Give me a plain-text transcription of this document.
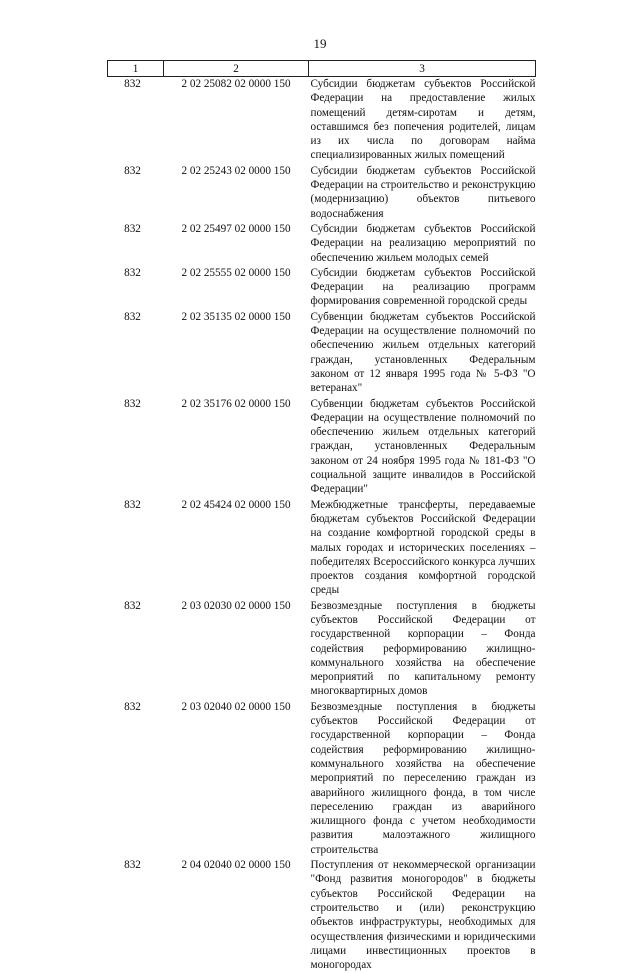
19
1	2	3
832	2 02 25082 02 0000 150	Субсидии бюджетам субъектов Российской Федерации на предоставление жилых помещений детям-сиротам и детям, оставшимся без попечения родителей, лицам из их числа по договорам найма специализированных жилых помещений
832	2 02 25243 02 0000 150	Субсидии бюджетам субъектов Российской Федерации на строительство и реконструкцию (модернизацию) объектов питьевого водоснабжения
832	2 02 25497 02 0000 150	Субсидии бюджетам субъектов Российской Федерации на реализацию мероприятий по обеспечению жильем молодых семей
832	2 02 25555 02 0000 150	Субсидии бюджетам субъектов Российской Федерации на реализацию программ формирования современной городской среды
832	2 02 35135 02 0000 150	Субвенции бюджетам субъектов Российской Федерации на осуществление полномочий по обеспечению жильем отдельных категорий граждан, установленных Федеральным законом от 12 января 1995 года № 5-ФЗ "О ветеранах"
832	2 02 35176 02 0000 150	Субвенции бюджетам субъектов Российской Федерации на осуществление полномочий по обеспечению жильем отдельных категорий граждан, установленных Федеральным законом от 24 ноября 1995 года № 181-ФЗ "О социальной защите инвалидов в Российской Федерации"
832	2 02 45424 02 0000 150	Межбюджетные трансферты, передаваемые бюджетам субъектов Российской Федерации на создание комфортной городской среды в малых городах и исторических поселениях – победителях Всероссийского конкурса лучших проектов создания комфортной городской среды
832	2 03 02030 02 0000 150	Безвозмездные поступления в бюджеты субъектов Российской Федерации от государственной корпорации – Фонда содействия реформированию жилищно-коммунального хозяйства на обеспечение мероприятий по капитальному ремонту многоквартирных домов
832	2 03 02040 02 0000 150	Безвозмездные поступления в бюджеты субъектов Российской Федерации от государственной корпорации – Фонда содействия реформированию жилищно-коммунального хозяйства на обеспечение мероприятий по переселению граждан из аварийного жилищного фонда, в том числе переселению граждан из аварийного жилищного фонда с учетом необходимости развития малоэтажного жилищного строительства
832	2 04 02040 02 0000 150	Поступления от некоммерческой организации "Фонд развития моногородов" в бюджеты субъектов Российской Федерации на строительство и (или) реконструкцию объектов инфраструктуры, необходимых для осуществления физическими и юридическими лицами инвестиционных проектов в моногородах
